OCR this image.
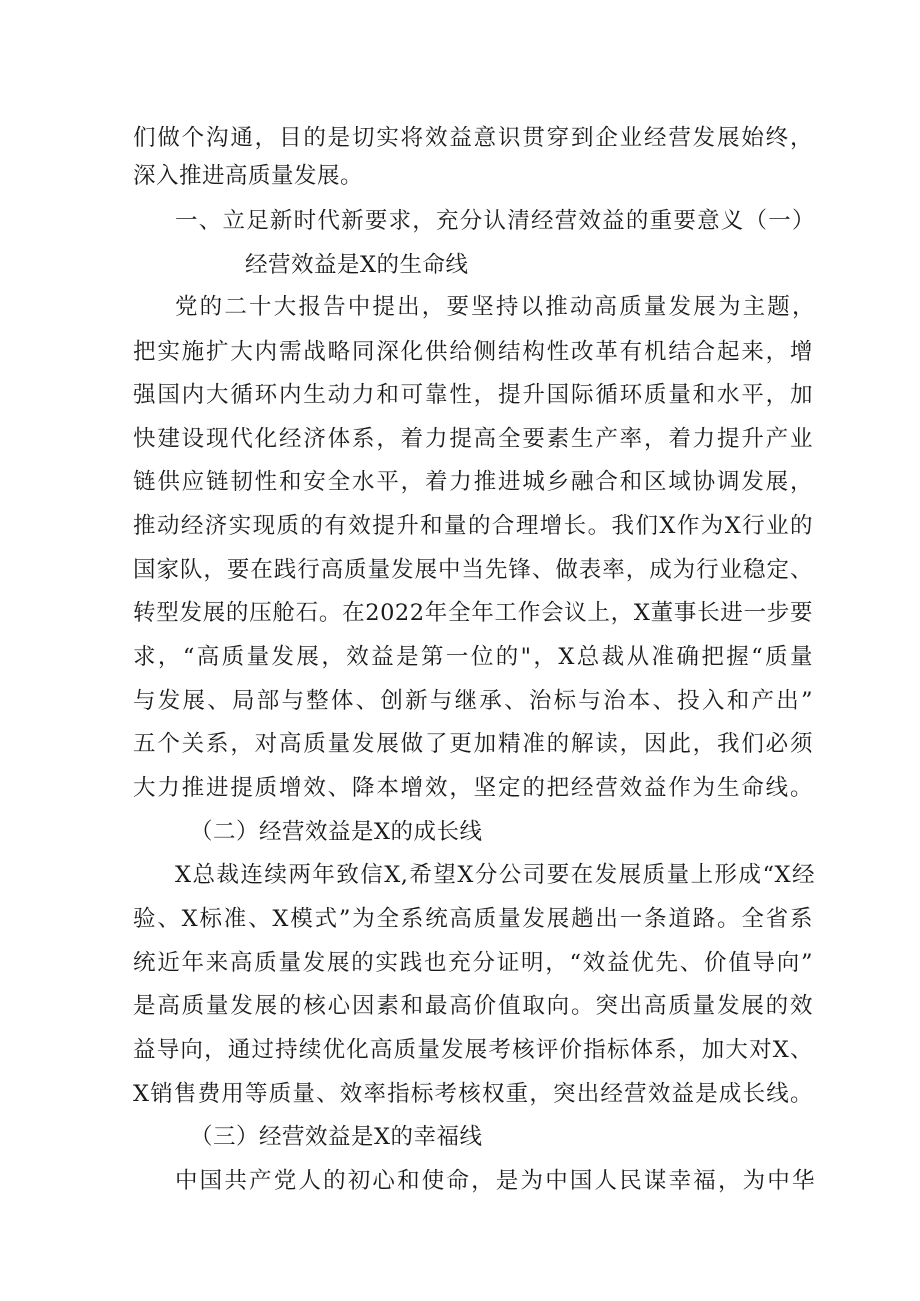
们做个沟通，目的是切实将效益意识贯穿到企业经营发展始终，
深入推进高质量发展。
一、立足新时代新要求，充分认清经营效益的重要意义（一）
经营效益是X的生命线
党的二十大报告中提出，要坚持以推动高质量发展为主题，
把实施扩大内需战略同深化供给侧结构性改革有机结合起来，增
强国内大循环内生动力和可靠性，提升国际循环质量和水平，加
快建设现代化经济体系，着力提高全要素生产率，着力提升产业
链供应链韧性和安全水平，着力推进城乡融合和区域协调发展，
推动经济实现质的有效提升和量的合理增长。我们X作为X行业的
国家队，要在践行高质量发展中当先锋、做表率，成为行业稳定、
转型发展的压舱石。在2022年全年工作会议上，X董事长进一步要
求，“高质量发展，效益是第一位的"，X总裁从准确把握“质量
与发展、局部与整体、创新与继承、治标与治本、投入和产出”
五个关系，对高质量发展做了更加精准的解读，因此，我们必须
大力推进提质增效、降本增效，坚定的把经营效益作为生命线。
（二）经营效益是X的成长线
X总裁连续两年致信X,希望X分公司要在发展质量上形成“X经
验、X标准、X模式”为全系统高质量发展趟出一条道路。全省系
统近年来高质量发展的实践也充分证明，“效益优先、价值导向”
是高质量发展的核心因素和最高价值取向。突出高质量发展的效
益导向，通过持续优化高质量发展考核评价指标体系，加大对X、
X销售费用等质量、效率指标考核权重，突出经营效益是成长线。
（三）经营效益是X的幸福线
中国共产党人的初心和使命，是为中国人民谋幸福，为中华
